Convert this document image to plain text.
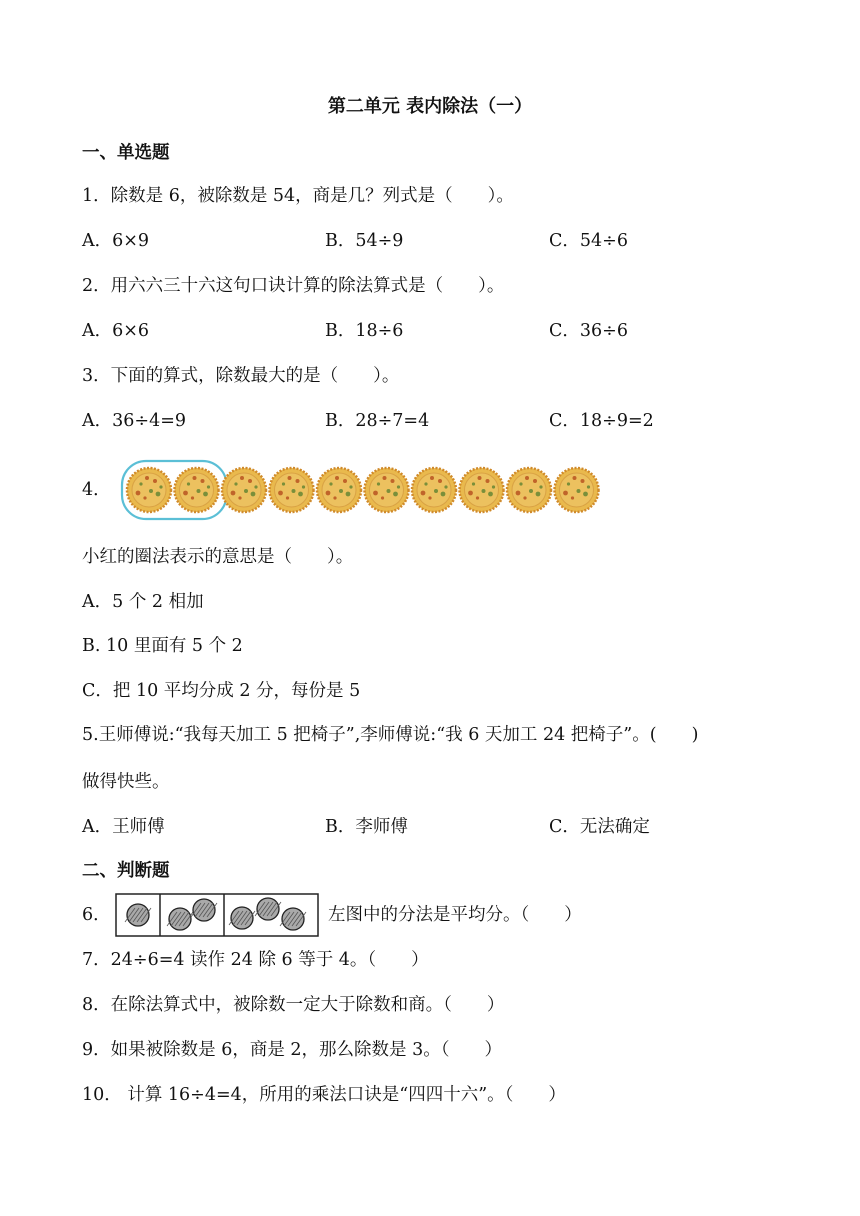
第二单元 表内除法（一）
一、单选题
1．除数是 6，被除数是 54，商是几？列式是（　　）。
A．6×9	B．54÷9	C．54÷6
2．用六六三十六这句口诀计算的除法算式是（　　）。
A．6×6	B．18÷6	C．36÷6
3．下面的算式，除数最大的是（　　）。
A．36÷4=9	B．28÷7=4	C．18÷9=2
4．
小红的圈法表示的意思是（　　）。
A．5 个 2 相加
B. 10 里面有 5 个 2
C．把 10 平均分成 2 分，每份是 5
5.王师傅说:“我每天加工 5 把椅子”,李师傅说:“我 6 天加工 24 把椅子”。(　　)
做得快些。
A．王师傅	B．李师傅	C．无法确定
二、判断题
6．	左图中的分法是平均分。（　　）
7．24÷6=4 读作 24 除 6 等于 4。（　　）
8．在除法算式中，被除数一定大于除数和商。（　　）
9．如果被除数是 6，商是 2，那么除数是 3。（　　）
10． 计算 16÷4=4，所用的乘法口诀是“四四十六”。（　　）
